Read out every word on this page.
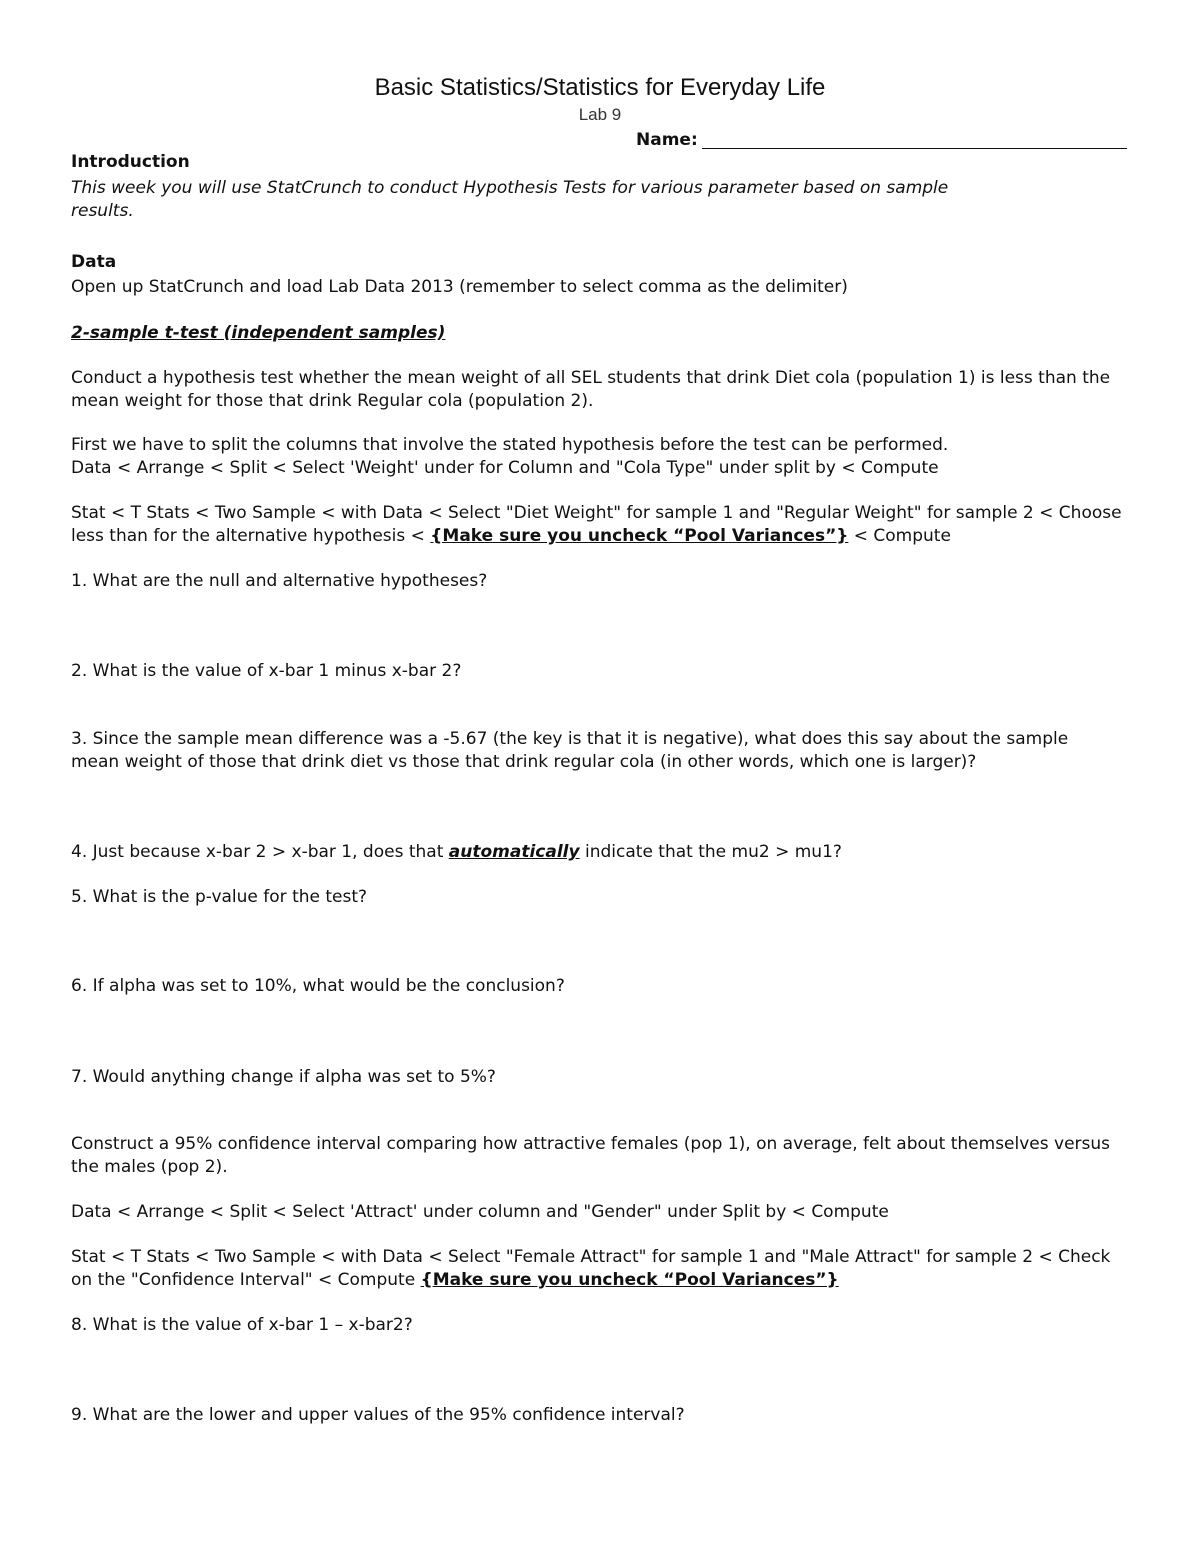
Basic Statistics/Statistics for Everyday Life
Lab 9
Name:
Introduction
This week you will use StatCrunch to conduct Hypothesis Tests for various parameter based on sample
results.
Data
Open up StatCrunch and load Lab Data 2013 (remember to select comma as the delimiter)
2-sample t-test (independent samples)
Conduct a hypothesis test whether the mean weight of all SEL students that drink Diet cola (population 1) is less than the
mean weight for those that drink Regular cola (population 2).
First we have to split the columns that involve the stated hypothesis before the test can be performed.
Data < Arrange < Split < Select 'Weight' under for Column and "Cola Type" under split by < Compute
Stat < T Stats < Two Sample < with Data < Select "Diet Weight" for sample 1 and "Regular Weight" for sample 2 < Choose
less than for the alternative hypothesis < {Make sure you uncheck “Pool Variances”} < Compute
1. What are the null and alternative hypotheses?
2. What is the value of x-bar 1 minus x-bar 2?
3. Since the sample mean difference was a -5.67 (the key is that it is negative), what does this say about the sample
mean weight of those that drink diet vs those that drink regular cola (in other words, which one is larger)?
4. Just because x-bar 2 > x-bar 1, does that automatically indicate that the mu2 > mu1?
5. What is the p-value for the test?
6. If alpha was set to 10%, what would be the conclusion?
7. Would anything change if alpha was set to 5%?
Construct a 95% confidence interval comparing how attractive females (pop 1), on average, felt about themselves versus
the males (pop 2).
Data < Arrange < Split < Select 'Attract' under column and "Gender" under Split by < Compute
Stat < T Stats < Two Sample < with Data < Select "Female Attract" for sample 1 and "Male Attract" for sample 2 < Check
on the "Confidence Interval" < Compute {Make sure you uncheck “Pool Variances”}
8. What is the value of x-bar 1 – x-bar2?
9. What are the lower and upper values of the 95% confidence interval?
